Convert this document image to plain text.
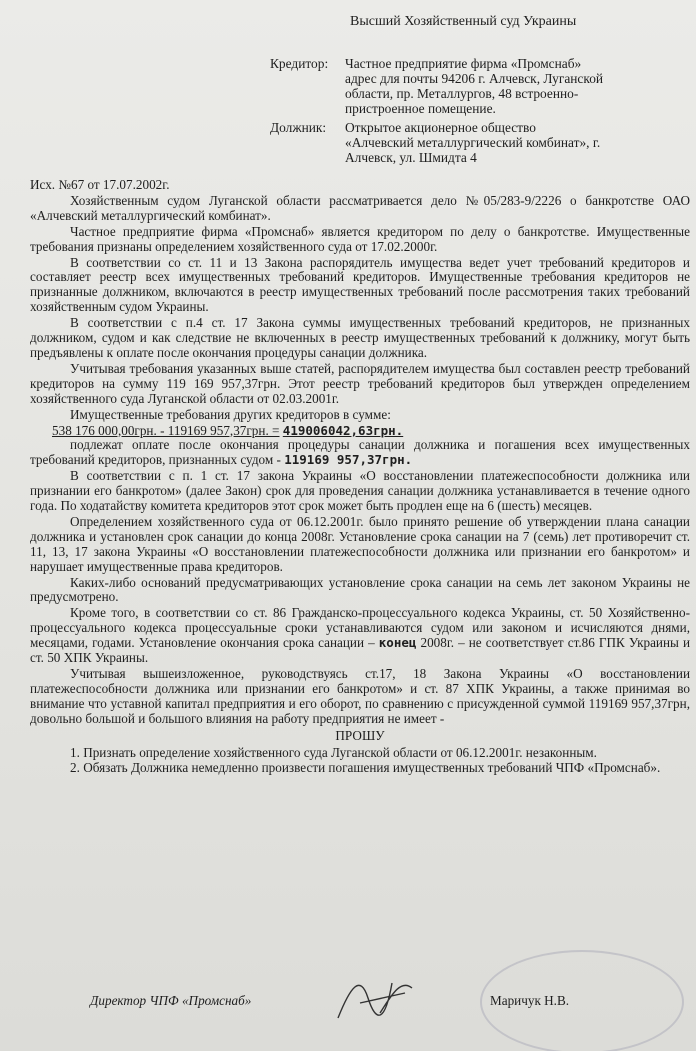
Высший Хозяйственный суд Украины
Кредитор: Частное предприятие фирма «Промснаб»
адрес для почты 94206 г. Алчевск, Луганской
области, пр. Металлургов, 48 встроенно-
пристроенное помещение.
Должник: Открытое акционерное общество
«Алчевский металлургический комбинат», г.
Алчевск, ул. Шмидта 4

Исх. №67 от 17.07.2002г.

Хозяйственным судом Луганской области рассматривается дело №05/283-9/2226 о банкротстве ОАО «Алчевский металлургический комбинат».

Частное предприятие фирма «Промснаб» является кредитором по делу о банкротстве. Имущественные требования признаны определением хозяйственного суда от 17.02.2000г.

В соответствии со ст. 11 и 13 Закона распорядитель имущества ведет учет требований кредиторов и составляет реестр всех имущественных требований кредиторов. Имущественные требования кредиторов не признанные должником, включаются в реестр имущественных требований после рассмотрения таких требований хозяйственным судом Украины.

В соответствии с п.4 ст. 17 Закона суммы имущественных требований кредиторов, не признанных должником, судом и как следствие не включенных в реестр имущественных требований к должнику, могут быть предъявлены к оплате после окончания процедуры санации должника.

Учитывая требования указанных выше статей, распорядителем имущества был составлен реестр требований кредиторов на сумму 119 169 957,37грн. Этот реестр требований кредиторов был утвержден определением хозяйственного суда Луганской области от 02.03.2001г.

Имущественные требования других кредиторов в сумме:

538 176 000,00грн. - 119169 957,37грн. = 419006042,63грн.

подлежат оплате после окончания процедуры санации должника и погашения всех имущественных требований кредиторов, признанных судом - 119169 957,37грн.

В соответствии с п. 1 ст. 17 закона Украины «О восстановлении платежеспособности должника или признании его банкротом» (далее Закон) срок для проведения санации должника устанавливается в течение одного года. По ходатайству комитета кредиторов этот срок может быть продлен еще на 6 (шесть) месяцев.

Определением хозяйственного суда от 06.12.2001г. было принято решение об утверждении плана санации должника и установлен срок санации до конца 2008г. Установление срока санации на 7 (семь) лет противоречит ст. 11, 13, 17 закона Украины «О восстановлении платежеспособности должника или признании его банкротом» и нарушает имущественные права кредиторов.

Каких-либо оснований предусматривающих установление срока санации на семь лет законом Украины не предусмотрено.

Кроме того, в соответствии со ст. 86 Гражданско-процессуального кодекса Украины, ст. 50 Хозяйственно-процессуального кодекса процессуальные сроки устанавливаются судом или законом и исчисляются днями, месяцами, годами. Установление окончания срока санации – конец 2008г. – не соответствует ст.86 ГПК Украины и ст. 50 ХПК Украины.

Учитывая вышеизложенное, руководствуясь ст.17, 18 Закона Украины «О восстановлении платежеспособности должника или признании его банкротом» и ст. 87 ХПК Украины, а также принимая во внимание что уставной капитал предприятия и его оборот, по сравнению с присужденной суммой 119169 957,37грн, довольно большой и большого влияния на работу предприятия не имеет -

ПРОШУ

1. Признать определение хозяйственного суда Луганской области от 06.12.2001г. незаконным.

2. Обязать Должника немедленно произвести погашения имущественных требований ЧПФ «Промснаб».

Директор ЧПФ «Промснаб»	Маричук Н.В.
